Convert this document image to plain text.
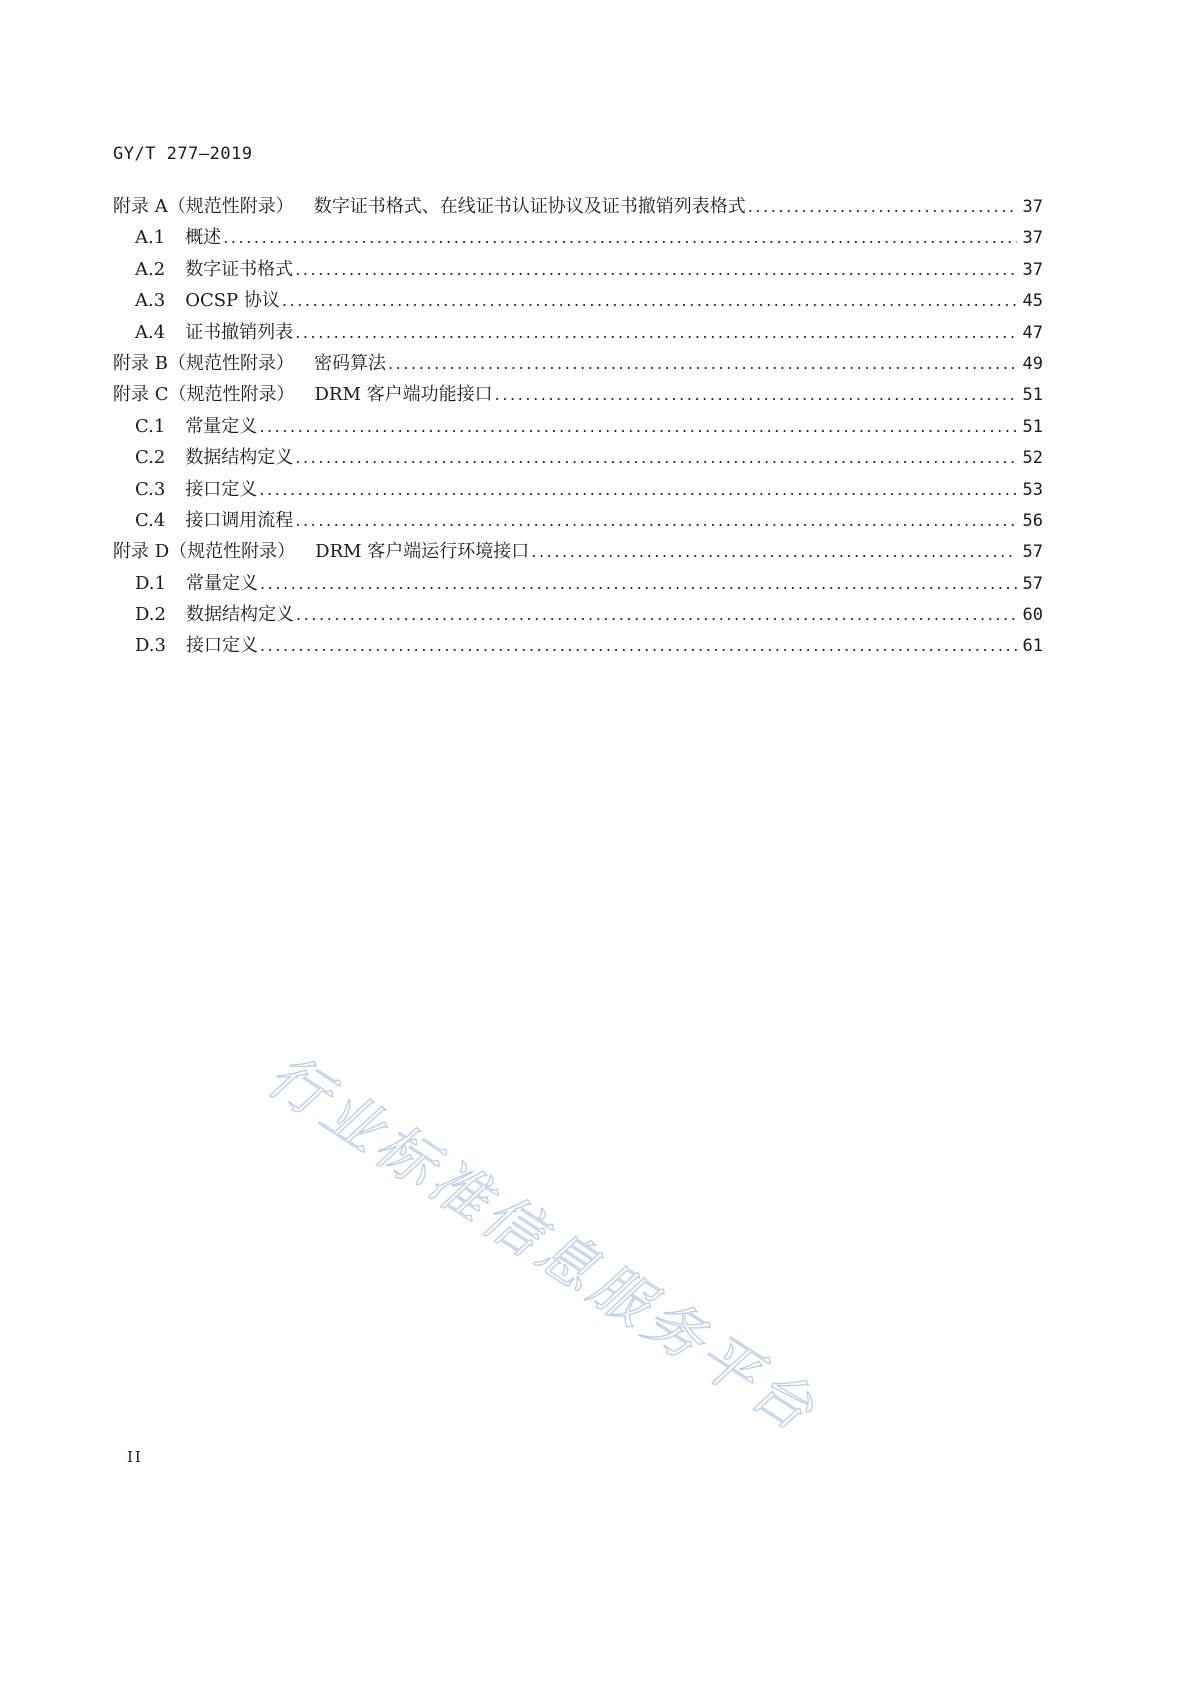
GY/T 277—2019
附录 A（规范性附录） 数字证书格式、在线证书认证协议及证书撤销列表格式 .....	37
A.1 概述 .....	37
A.2 数字证书格式 .....	37
A.3 OCSP 协议 .....	45
A.4 证书撤销列表 .....	47
附录 B（规范性附录） 密码算法 .....	49
附录 C（规范性附录） DRM 客户端功能接口 .....	51
C.1 常量定义 .....	51
C.2 数据结构定义 .....	52
C.3 接口定义 .....	53
C.4 接口调用流程 .....	56
附录 D（规范性附录） DRM 客户端运行环境接口 .....	57
D.1 常量定义 .....	57
D.2 数据结构定义 .....	60
D.3 接口定义 .....	61
行业标准信息服务平台
II
